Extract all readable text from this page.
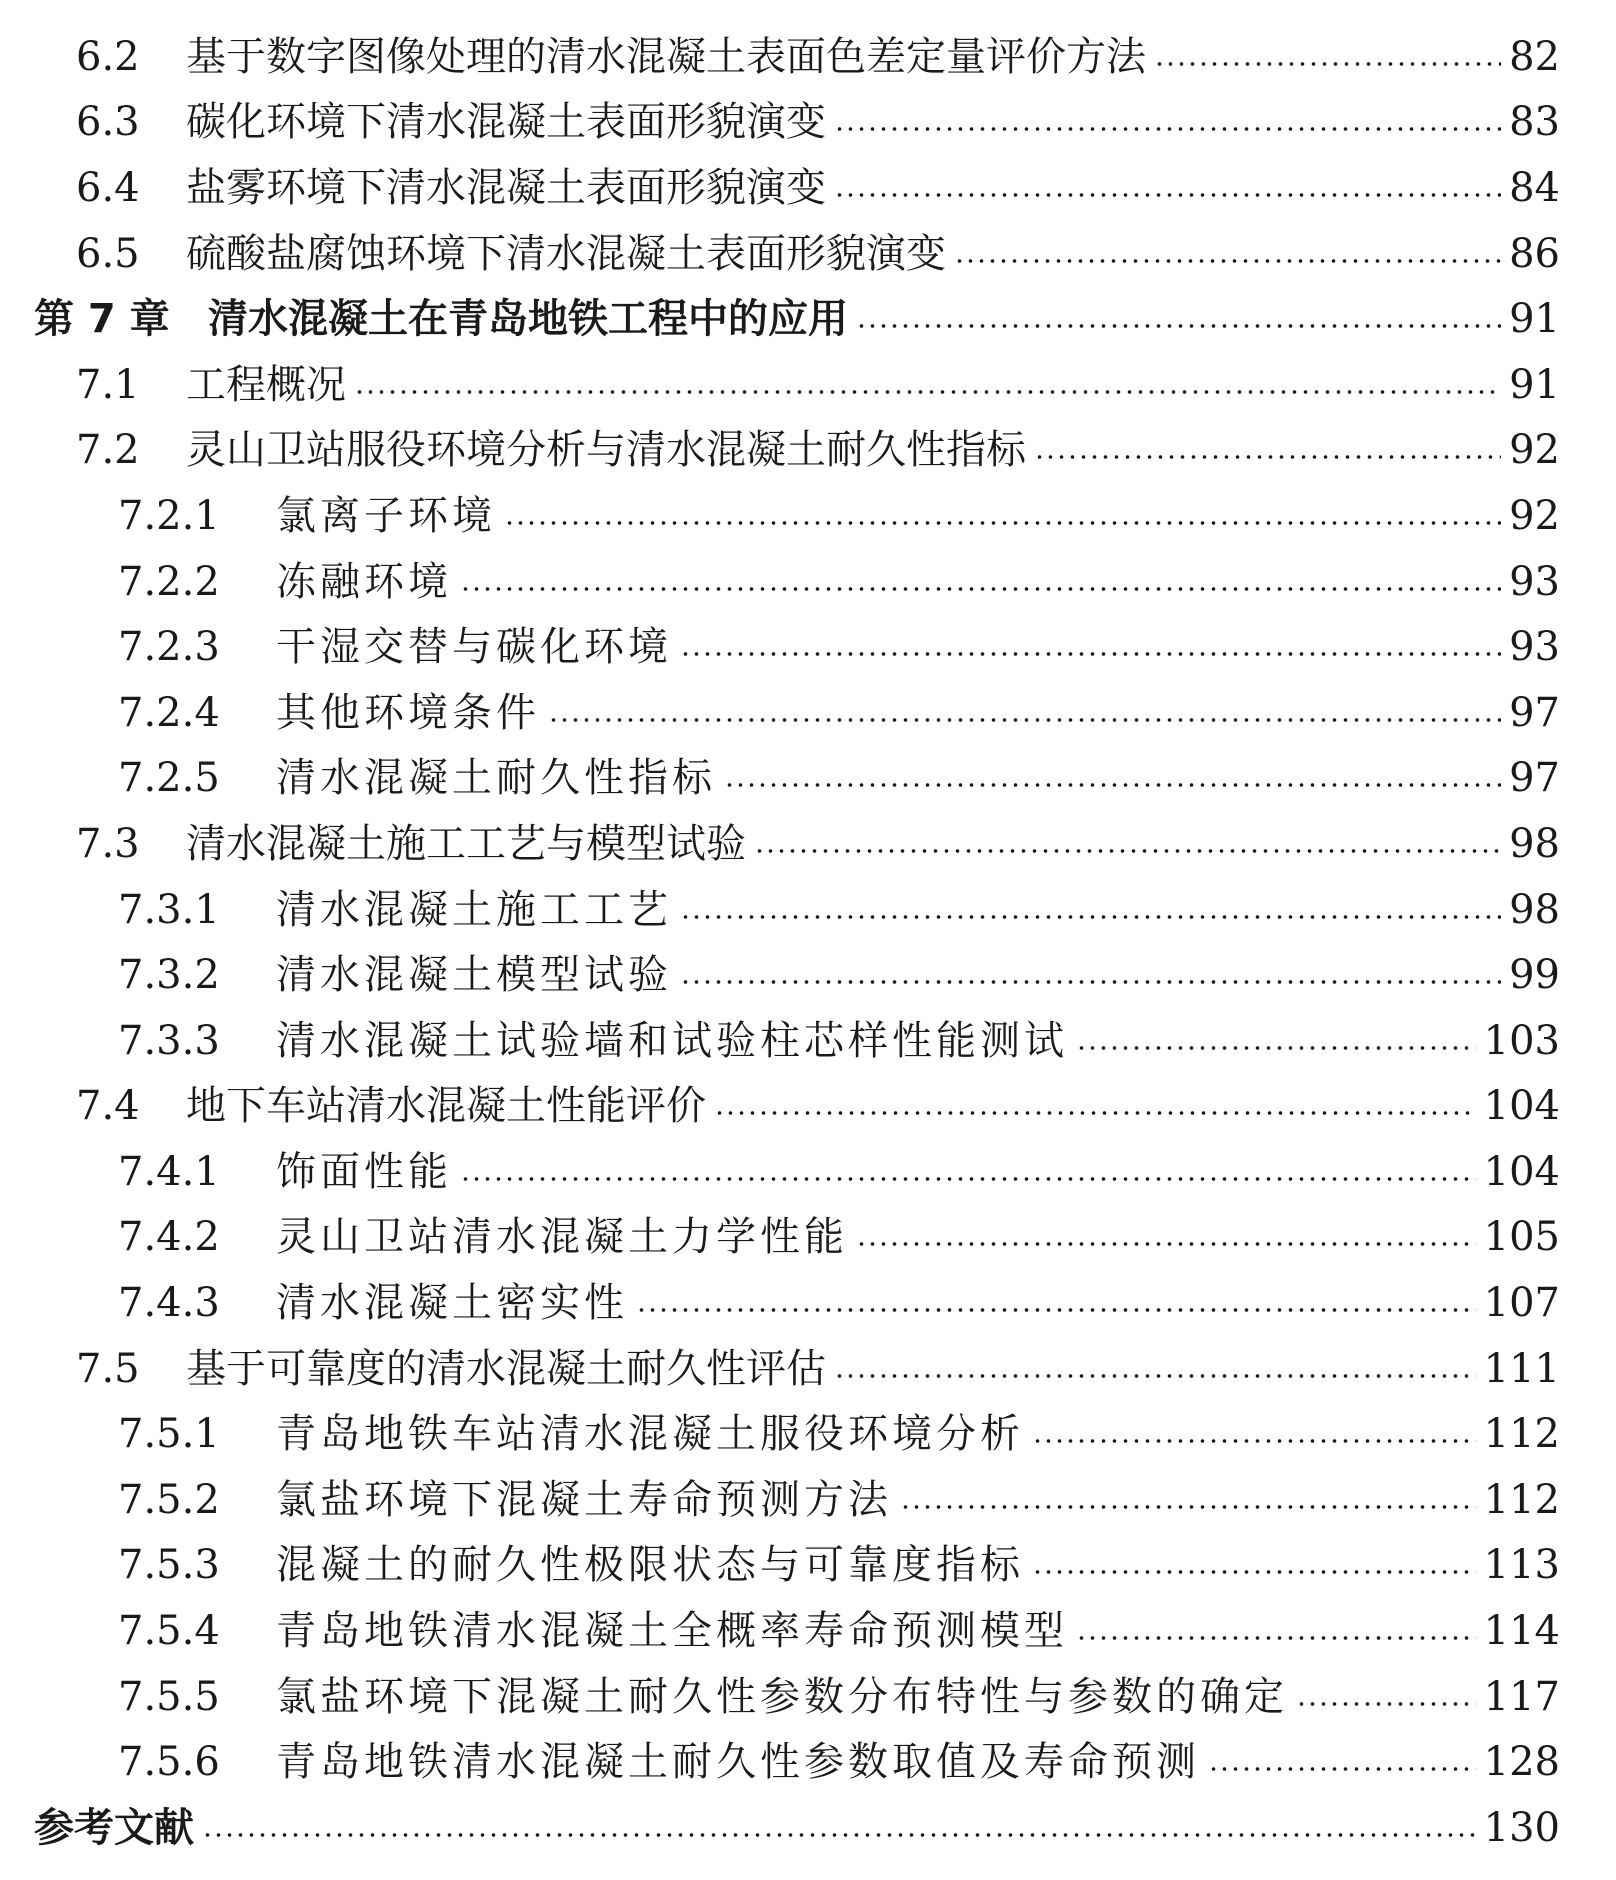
6.2	基于数字图像处理的清水混凝土表面色差定量评价方法	82
6.3	碳化环境下清水混凝土表面形貌演变	83
6.4	盐雾环境下清水混凝土表面形貌演变	84
6.5	硫酸盐腐蚀环境下清水混凝土表面形貌演变	86
第 7 章 清水混凝土在青岛地铁工程中的应用	91
7.1	工程概况	91
7.2	灵山卫站服役环境分析与清水混凝土耐久性指标	92
7.2.1	氯离子环境	92
7.2.2	冻融环境	93
7.2.3	干湿交替与碳化环境	93
7.2.4	其他环境条件	97
7.2.5	清水混凝土耐久性指标	97
7.3	清水混凝土施工工艺与模型试验	98
7.3.1	清水混凝土施工工艺	98
7.3.2	清水混凝土模型试验	99
7.3.3	清水混凝土试验墙和试验柱芯样性能测试	103
7.4	地下车站清水混凝土性能评价	104
7.4.1	饰面性能	104
7.4.2	灵山卫站清水混凝土力学性能	105
7.4.3	清水混凝土密实性	107
7.5	基于可靠度的清水混凝土耐久性评估	111
7.5.1	青岛地铁车站清水混凝土服役环境分析	112
7.5.2	氯盐环境下混凝土寿命预测方法	112
7.5.3	混凝土的耐久性极限状态与可靠度指标	113
7.5.4	青岛地铁清水混凝土全概率寿命预测模型	114
7.5.5	氯盐环境下混凝土耐久性参数分布特性与参数的确定	117
7.5.6	青岛地铁清水混凝土耐久性参数取值及寿命预测	128
参考文献	130
